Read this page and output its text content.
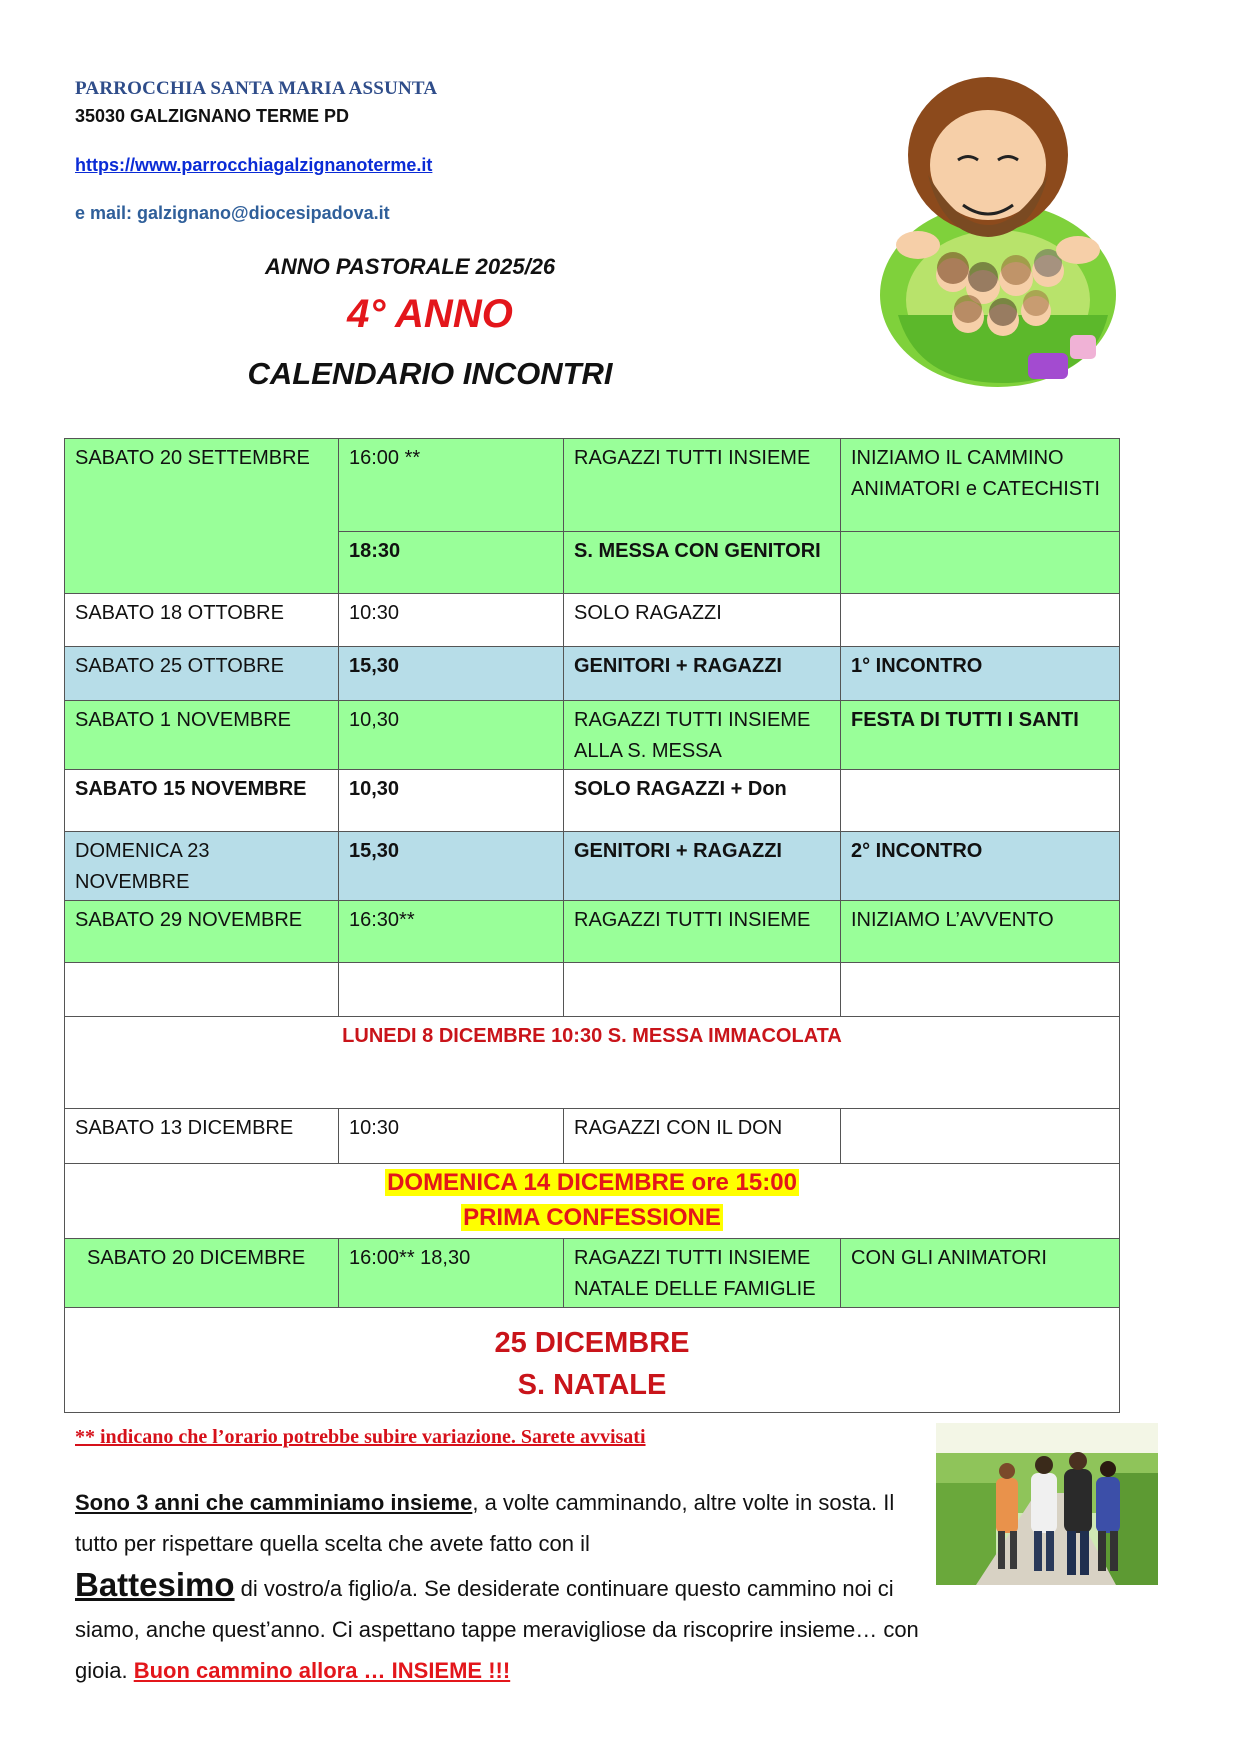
PARROCCHIA SANTA MARIA ASSUNTA
35030 GALZIGNANO TERME PD
https://www.parrocchiagalzignanoterme.it
e mail: galzignano@diocesipadova.it
ANNO PASTORALE 2025/26
4° ANNO
CALENDARIO INCONTRI
SABATO 20 SETTEMBRE	16:00 **	RAGAZZI TUTTI INSIEME	INIZIAMO IL CAMMINO ANIMATORI e CATECHISTI
	18:30	S. MESSA CON GENITORI	
SABATO 18 OTTOBRE	10:30	SOLO RAGAZZI	
SABATO 25 OTTOBRE	15,30	GENITORI + RAGAZZI	1° INCONTRO
SABATO 1 NOVEMBRE	10,30	RAGAZZI TUTTI INSIEME ALLA S. MESSA	FESTA DI TUTTI I SANTI
SABATO 15 NOVEMBRE	10,30	SOLO RAGAZZI + Don	
DOMENICA 23 NOVEMBRE	15,30	GENITORI + RAGAZZI	2° INCONTRO
SABATO 29 NOVEMBRE	16:30**	RAGAZZI TUTTI INSIEME	INIZIAMO L’AVVENTO

LUNEDI 8 DICEMBRE 10:30 S. MESSA IMMACOLATA			
SABATO 13 DICEMBRE	10:30	RAGAZZI CON IL DON	
DOMENICA 14 DICEMBRE ore 15:00
PRIMA CONFESSIONE			
SABATO 20 DICEMBRE	16:00** 18,30	RAGAZZI TUTTI INSIEME NATALE DELLE FAMIGLIE	CON GLI ANIMATORI
25 DICEMBRE
S. NATALE			
** indicano che l’orario potrebbe subire variazione. Sarete avvisati
Sono 3 anni che camminiamo insieme, a volte camminando, altre volte in sosta. Il tutto per rispettare quella scelta che avete fatto con il
Battesimo di vostro/a figlio/a. Se desiderate continuare questo cammino noi ci siamo, anche quest’anno. Ci aspettano tappe meravigliose da riscoprire insieme… con gioia. Buon cammino allora … INSIEME !!!
